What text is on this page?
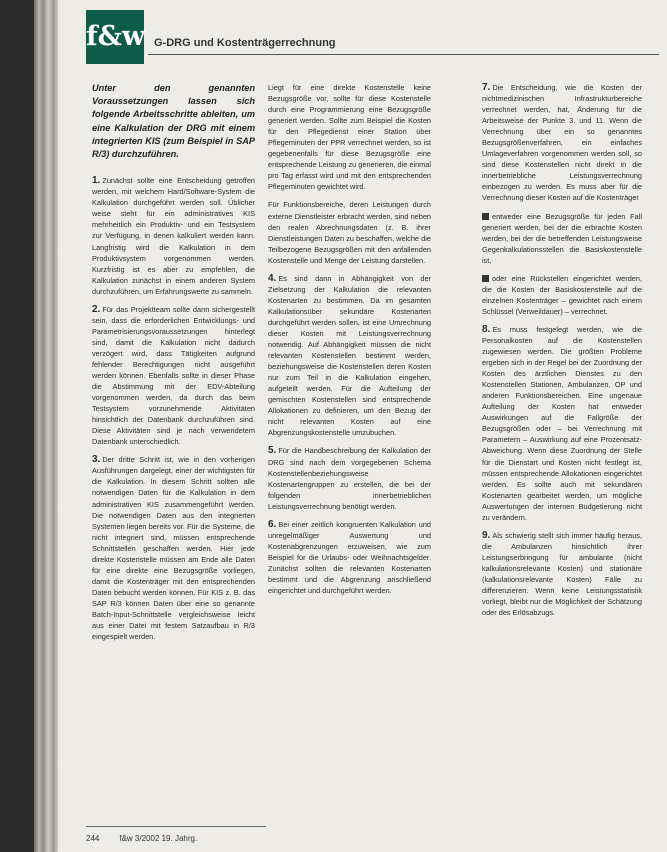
f&w G-DRG und Kostenträgerrechnung

Unter den genannten Voraussetzungen lassen sich folgende Arbeitsschritte ableiten, um eine Kalkulation der DRG mit einem integrierten KIS (zum Beispiel in SAP R/3) durchzuführen.

1. Zunächst sollte eine Entscheidung getroffen werden, mit welchem Hard/Software-System die Kalkulation durchgeführt werden soll. Üblicher weise steht für ein administratives KIS mehrheitlich ein Produktiv- und ein Testsystem zur Verfügung, in denen kalkuliert werden kann. Langfristig wird die Kalkulation in dem Produktivsystem vorgenommen werden. Kurzfristig ist es aber zu empfehlen, die Kalkulation zunächst in einem anderen System durchzuführen, um Erfahrungswerte zu sammeln.

2. Für das Projektteam sollte dann sichergestellt sein, dass die erforderlichen Entwicklungs- und Parametrisierungsvoraussetzungen hinterlegt sind, damit die Kalkulation nicht dadurch verzögert wird, dass Tätigkeiten aufgrund fehlender Berechtigungen nicht ausgeführt werden können. Ebenfalls sollte in dieser Phase die Abstimmung mit der EDV-Abteilung vorgenommen werden, da durch das beim Testsystem vorzunehmende Aktivitäten hinsichtlich der Datenbank durchzuführen sind. Diese Aktivitäten sind je nach verwendetem Datenbank unterschiedlich.

3. Der dritte Schritt ist, wie in den vorherigen Ausführungen dargelegt, einer der wichtigsten für die Kalkulation. In diesem Schritt sollten alle notwendigen Daten für die Kalkulation in dem administrativen KIS zusammengeführt werden. Die notwendigen Daten aus den integrierten Systemen liegen bereits vor. Für die Systeme, die nicht integriert sind, müssen entsprechende Schnittstellen geschaffen werden. Hier jede direkte Kostenstelle müssen am Ende alle Daten für eine direkte eine Bezugsgröße vorliegen, damit die Kostenträger mit den entsprechenden Daten bebucht werden können. Für KIS z. B. das SAP R/3 können Daten über eine so genannte Batch-Input-Schnittstelle vergleichsweise leicht aus einer Datei mit festem Satzaufbau in R/3 eingespielt werden.

Liegt für eine direkte Kostenstelle keine Bezugsgröße vor, sollte für diese Kostenstelle durch eine Programmierung eine Bezugsgröße generiert werden. Sollte zum Beispiel die Kosten für den Pflegedienst einer Station über Pflegeminuten der PPR verrechnet werden, so ist gegebenenfalls für diese Bezugsgröße eine entsprechende Leistung zu generieren, die einmal pro Tag erfasst wird und mit den entsprechenden Pflegeminuten gewichtet wird.

Für Funktionsbereiche, deren Leistungen durch externe Dienstleister erbracht werden, sind neben den realen Abrechnungsdaten (z. B. ihrer Dienstleistungen Daten zu beschaffen, welche die Teilbezogene Bezugsgrößen mit den anfallenden Kostenstelle und Menge der Leistung darstellen.

4. Es sind dann in Abhängigkeit von der Zielsetzung der Kalkulation die relevanten Kostenarten zu bestimmen. Da im gesamten Kalkulationsüber sekundäre Kostenarten durchgeführt werden sollen, ist eine Umrechnung dieser Kosten mit Leistungsverrechnung notwendig. Auf Abhängigkeit müssen die nicht relevanten Kostenstellen bestimmt werden, beziehungsweise die Kostenstellen deren Kosten nur zum Teil in die Kalkulation eingehen, aufgeteilt werden. Für die Aufteilung der gemischten Kostenstellen sind entsprechende Allokationen zu definieren, um den Bezug der nicht relevanten Kosten auf eine Abgrenzungskostenstelle umzubuchen.

5. Für die Handbeschreibung der Kalkulation der DRG sind nach dem vorgegebenen Schema Kostenstellenbeziehungsweise Kostenartengruppen zu erstellen, die bei der folgenden innerbetrieblichen Leistungsverrechnung benötigt werden.

6. Bei einer zeitlich kongruenten Kalkulation und unregelmäßiger Auswertung und Kostenabgrenzungen erzuweisen, wie zum Beispiel für die Urlaubs- oder Weihnachtsgelder. Zunächst sollten die relevanten Kostenarten bestimmt und die Abgrenzung anschließend eingerichtet und durchgeführt werden.

7. Die Entscheidung, wie die Kosten der nichtmedizinischen Infrastrukturbereiche verrechnet werden, hat, Änderung für die Arbeitsweise der Punkte 3. und 11. Wenn die Verrechnung über ein so genanntes Bezugsgrößenverfahren, ein einfaches Umlageverfahren vorgenommen werden soll, so sind diese Kostenstellen nicht direkt in die innerbetriebliche Leistungsverrechnung einbezogen zu werden. Es muss aber für die Verrechnung dieser Kosten auf die Kostenträger

entweder eine Bezugsgröße für jeden Fall generiert werden, bei der die erbrachte Kosten werden, bei der die betreffenden Leistungsweise Gegenkalkulationsstellen die Basiskostenstelle ist,

oder eine Rückstellen eingerichtet werden, die die Kosten der Basiskostenstelle auf die einzelnen Kostenträger – gewichtet nach einem Schlüssel (Verweildauer) – verrechnet.

8. Es muss festgelegt werden, wie die Personalkosten auf die Kostenstellen zugewiesen werden. Die größten Probleme ergeben sich in der Regel bei der Zuordnung der Kosten des ärztlichen Dienstes zu den Kostenstellen Stationen, Ambulanzen, OP und anderen Funktionsbereichen. Eine ungenaue Aufteilung der Kosten hat entweder Auswirkungen auf die Fallgröße der Bezugsgrößen oder – bei Verrechnung mit Parametern – Auswirkung auf eine Prozentsatz-Abweichung. Wenn diese Zuordnung der Stelle für die Dienstart und Kosten nicht festlegt ist, müssen entsprechende Allokationen eingerichtet werden. Es sollte auch mit sekundären Kostenarten gearbeitet werden, um mögliche Auswertungen der internen Budgetierung nicht zu verändern.

9. Als schwierig stellt sich immer häufig heraus, die Ambulanzen hinsichtlich ihrer Leistungserbringung für ambulante (nicht kalkulationsrelevante Kosten) und stationäre (kalkulationsrelevante Kosten) Fälle zu differenzieren. Wenn keine Leistungsstatistik vorliegt, bleibt nur die Möglichkeit der Schätzung oder des Erlösabzugs.

244	f&w 3/2002 19. Jahrg.
